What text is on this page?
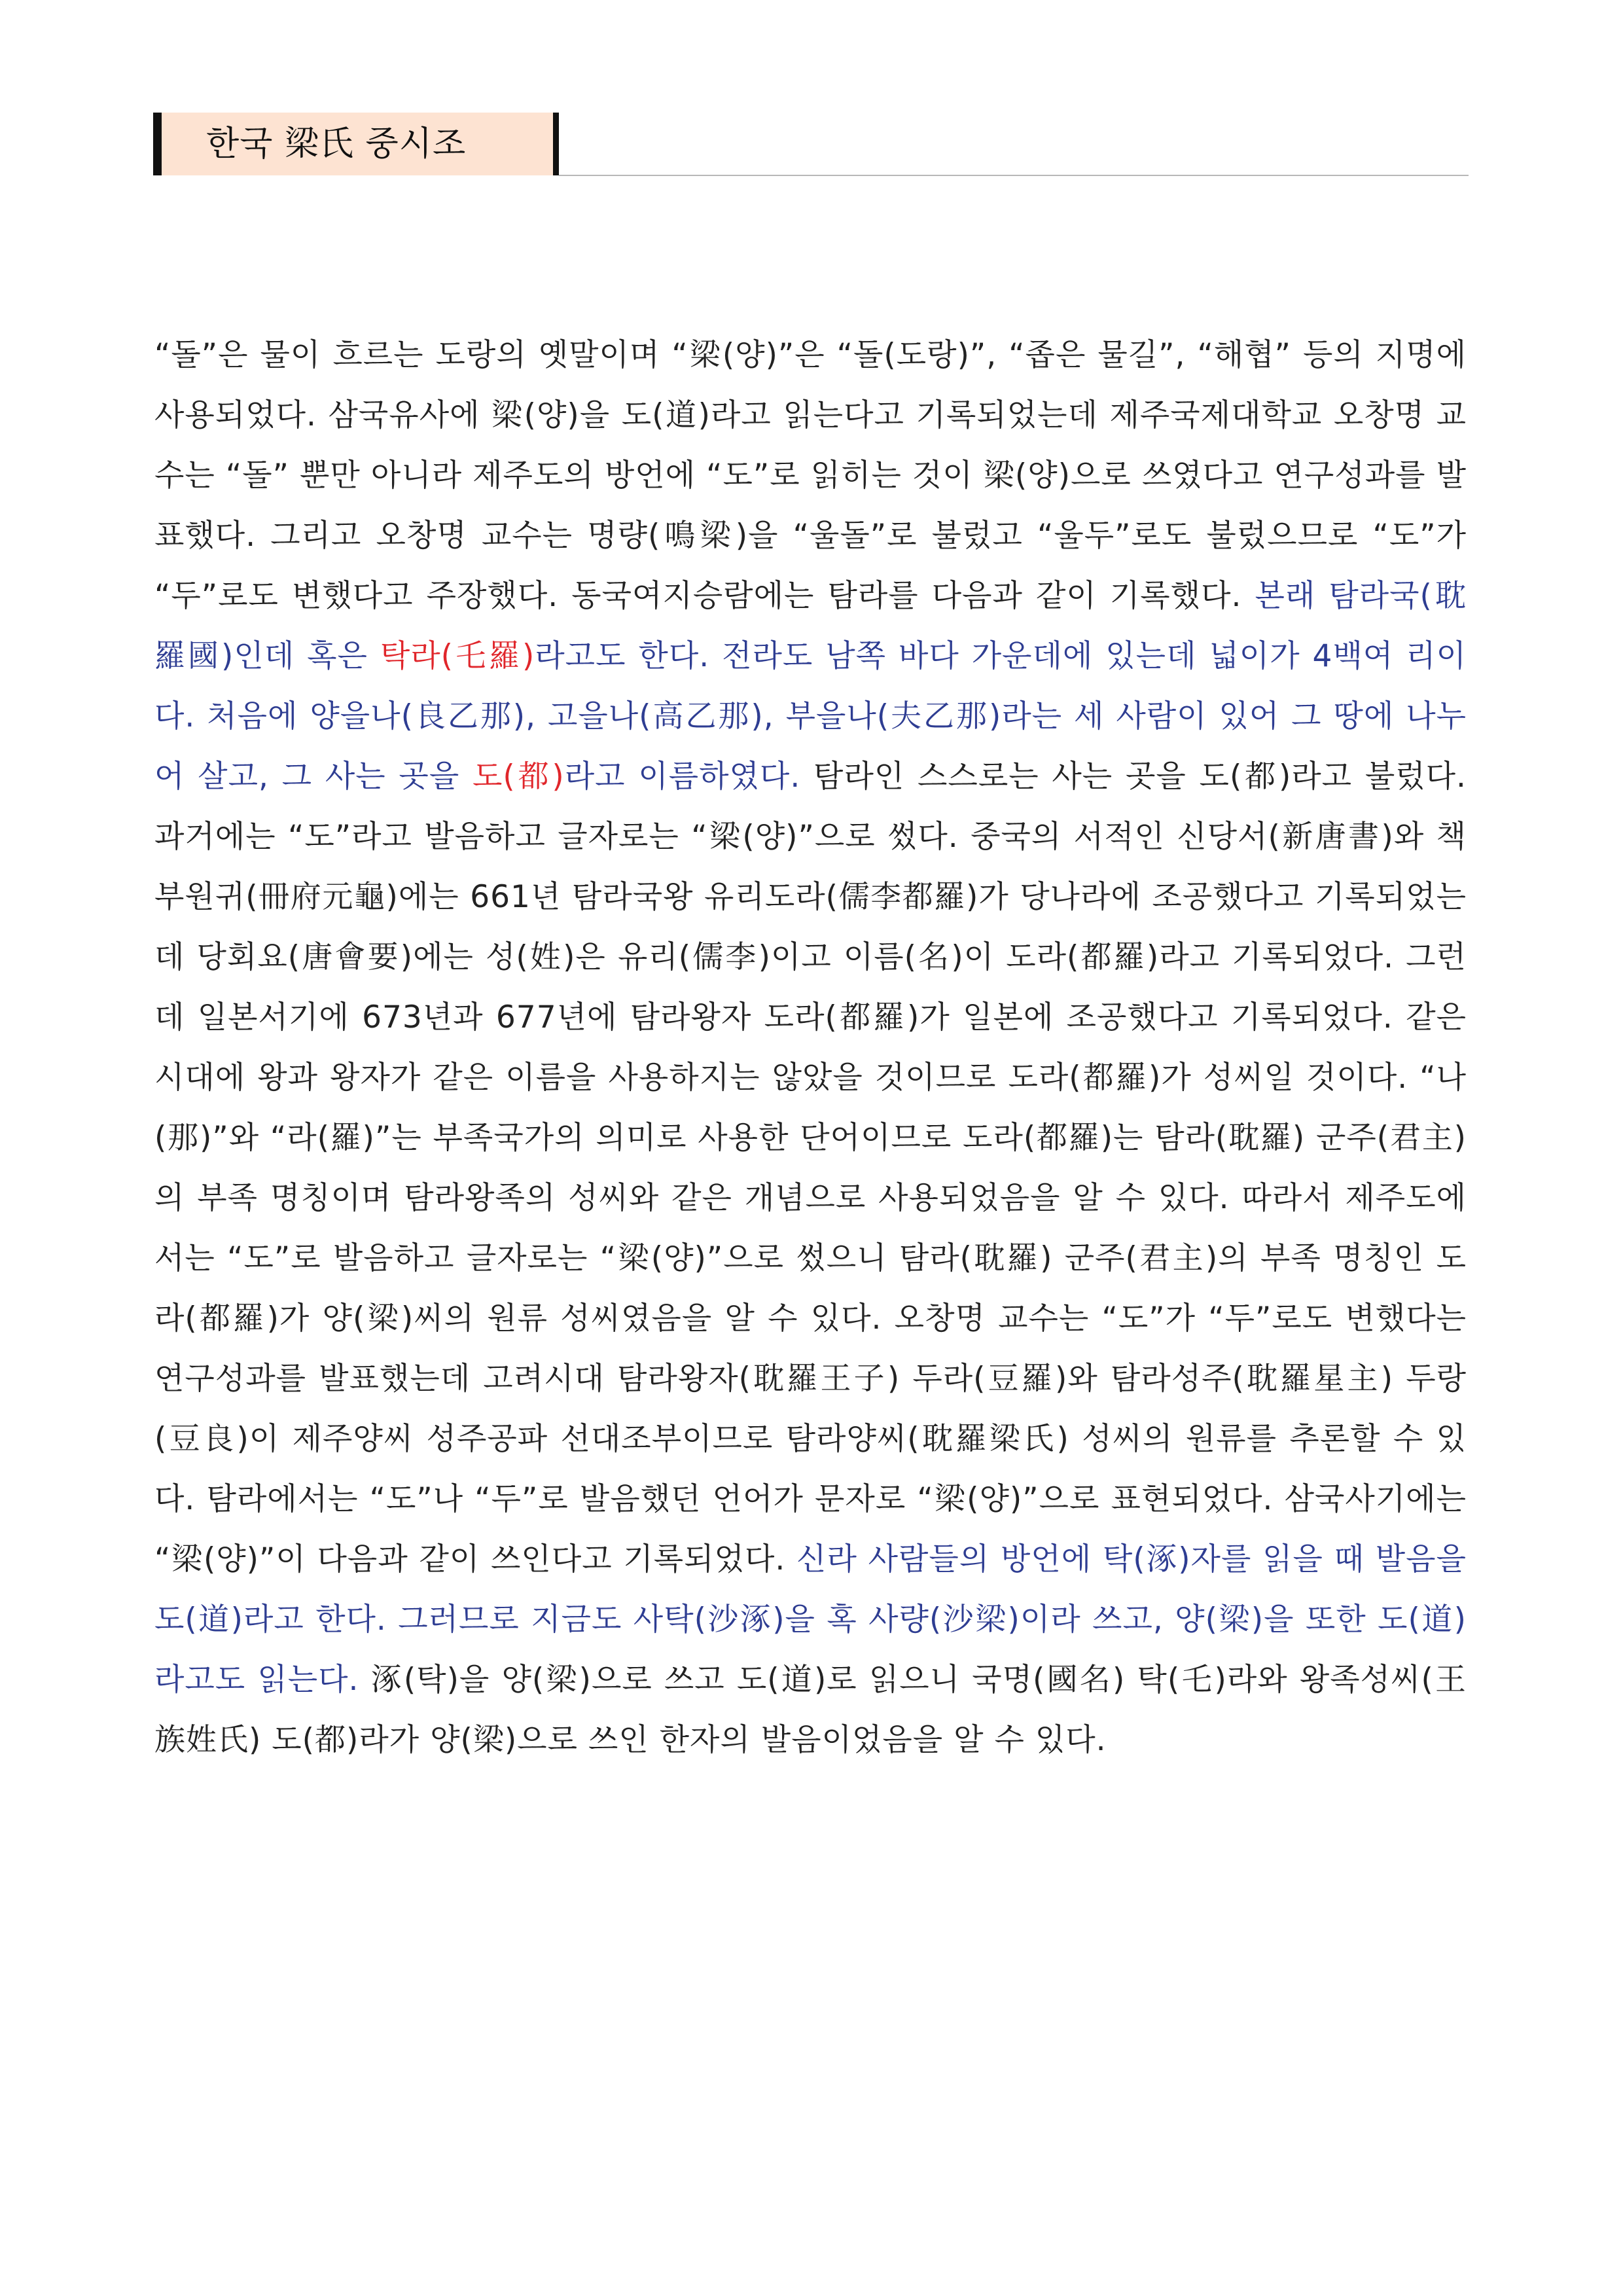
한국 梁氏 중시조
“돌”은 물이 흐르는 도랑의 옛말이며 “梁(양)”은 “돌(도랑)”, “좁은 물길”, “해협” 등의 지명에 사용되었다. 삼국유사에 梁(양)을 도(道)라고 읽는다고 기록되었는데 제주국제대학교 오창명 교수는 “돌” 뿐만 아니라 제주도의 방언에 “도”로 읽히는 것이 梁(양)으로 쓰였다고 연구성과를 발표했다. 그리고 오창명 교수는 명량(鳴梁)을 “울돌”로 불렀고 “울두”로도 불렀으므로 “도”가 “두”로도 변했다고 주장했다. 동국여지승람에는 탐라를 다음과 같이 기록했다. 본래 탐라국(耽羅國)인데 혹은 탁라(乇羅)라고도 한다. 전라도 남쪽 바다 가운데에 있는데 넓이가 4백여 리이다. 처음에 양을나(良乙那), 고을나(高乙那), 부을나(夫乙那)라는 세 사람이 있어 그 땅에 나누어 살고, 그 사는 곳을 도(都)라고 이름하였다. 탐라인 스스로는 사는 곳을 도(都)라고 불렀다. 과거에는 “도”라고 발음하고 글자로는 “梁(양)”으로 썼다. 중국의 서적인 신당서(新唐書)와 책부원귀(冊府元龜)에는 661년 탐라국왕 유리도라(儒李都羅)가 당나라에 조공했다고 기록되었는데 당회요(唐會要)에는 성(姓)은 유리(儒李)이고 이름(名)이 도라(都羅)라고 기록되었다. 그런데 일본서기에 673년과 677년에 탐라왕자 도라(都羅)가 일본에 조공했다고 기록되었다. 같은 시대에 왕과 왕자가 같은 이름을 사용하지는 않았을 것이므로 도라(都羅)가 성씨일 것이다. “나(那)”와 “라(羅)”는 부족국가의 의미로 사용한 단어이므로 도라(都羅)는 탐라(耽羅) 군주(君主)의 부족 명칭이며 탐라왕족의 성씨와 같은 개념으로 사용되었음을 알 수 있다. 따라서 제주도에서는 “도”로 발음하고 글자로는 “梁(양)”으로 썼으니 탐라(耽羅) 군주(君主)의 부족 명칭인 도라(都羅)가 양(梁)씨의 원류 성씨였음을 알 수 있다. 오창명 교수는 “도”가 “두”로도 변했다는 연구성과를 발표했는데 고려시대 탐라왕자(耽羅王子) 두라(豆羅)와 탐라성주(耽羅星主) 두랑(豆良)이 제주양씨 성주공파 선대조부이므로 탐라양씨(耽羅梁氏) 성씨의 원류를 추론할 수 있다. 탐라에서는 “도”나 “두”로 발음했던 언어가 문자로 “梁(양)”으로 표현되었다. 삼국사기에는 “梁(양)”이 다음과 같이 쓰인다고 기록되었다. 신라 사람들의 방언에 탁(涿)자를 읽을 때 발음을 도(道)라고 한다. 그러므로 지금도 사탁(沙涿)을 혹 사량(沙梁)이라 쓰고, 양(梁)을 또한 도(道)라고도 읽는다. 涿(탁)을 양(梁)으로 쓰고 도(道)로 읽으니 국명(國名) 탁(乇)라와 왕족성씨(王族姓氏) 도(都)라가 양(梁)으로 쓰인 한자의 발음이었음을 알 수 있다.
